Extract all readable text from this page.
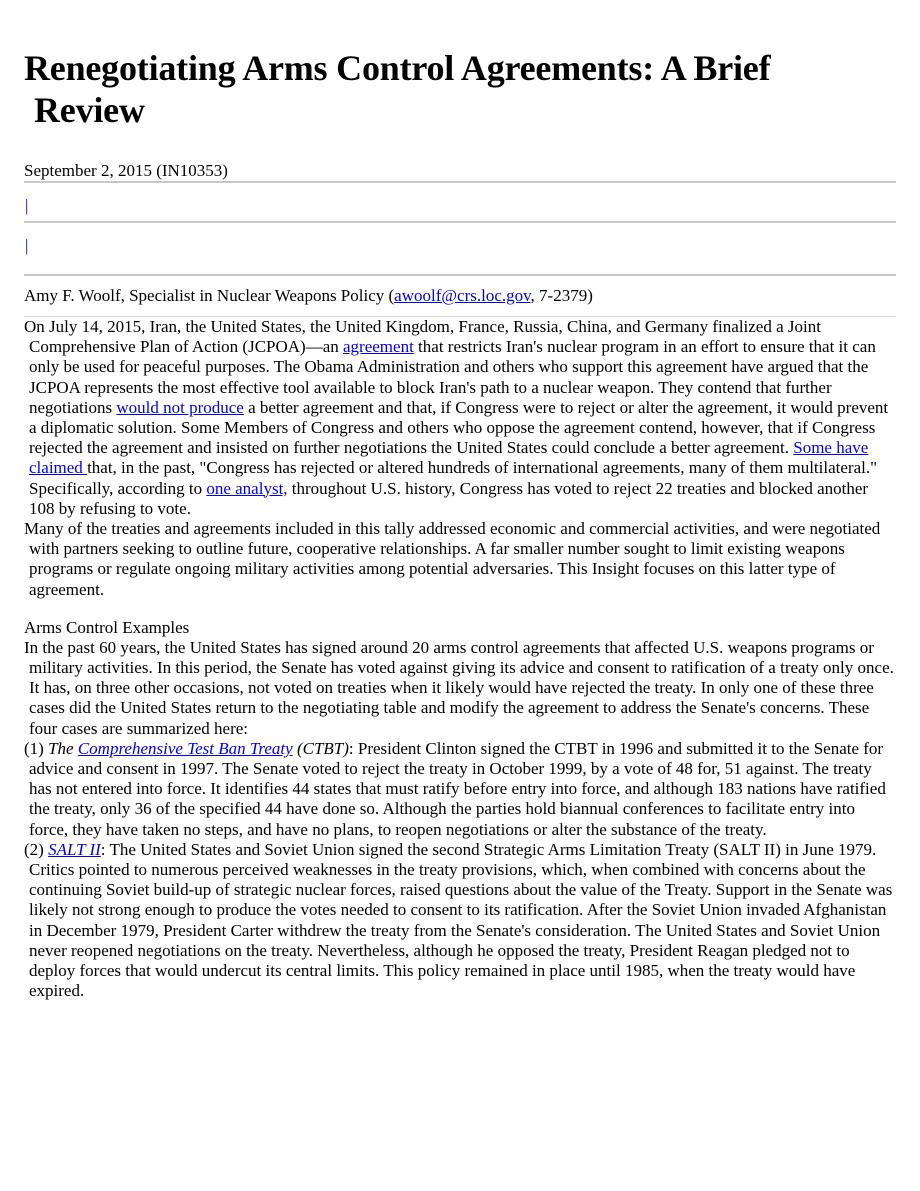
Renegotiating Arms Control Agreements: A Brief
Review
September 2, 2015 (IN10353)
|
|
Amy F. Woolf, Specialist in Nuclear Weapons Policy (awoolf@crs.loc.gov, 7-2379)

On July 14, 2015, Iran, the United States, the United Kingdom, France, Russia, China, and Germany finalized a Joint Comprehensive Plan of Action (JCPOA)—an agreement that restricts Iran's nuclear program in an effort to ensure that it can only be used for peaceful purposes. The Obama Administration and others who support this agreement have argued that the JCPOA represents the most effective tool available to block Iran's path to a nuclear weapon. They contend that further negotiations would not produce a better agreement and that, if Congress were to reject or alter the agreement, it would prevent a diplomatic solution. Some Members of Congress and others who oppose the agreement contend, however, that if Congress rejected the agreement and insisted on further negotiations the United States could conclude a better agreement. Some have claimed that, in the past, "Congress has rejected or altered hundreds of international agreements, many of them multilateral." Specifically, according to one analyst, throughout U.S. history, Congress has voted to reject 22 treaties and blocked another 108 by refusing to vote.

Many of the treaties and agreements included in this tally addressed economic and commercial activities, and were negotiated with partners seeking to outline future, cooperative relationships. A far smaller number sought to limit existing weapons programs or regulate ongoing military activities among potential adversaries. This Insight focuses on this latter type of agreement.

Arms Control Examples

In the past 60 years, the United States has signed around 20 arms control agreements that affected U.S. weapons programs or military activities. In this period, the Senate has voted against giving its advice and consent to ratification of a treaty only once. It has, on three other occasions, not voted on treaties when it likely would have rejected the treaty. In only one of these three cases did the United States return to the negotiating table and modify the agreement to address the Senate's concerns. These four cases are summarized here:

(1) The Comprehensive Test Ban Treaty (CTBT): President Clinton signed the CTBT in 1996 and submitted it to the Senate for advice and consent in 1997. The Senate voted to reject the treaty in October 1999, by a vote of 48 for, 51 against. The treaty has not entered into force. It identifies 44 states that must ratify before entry into force, and although 183 nations have ratified the treaty, only 36 of the specified 44 have done so. Although the parties hold biannual conferences to facilitate entry into force, they have taken no steps, and have no plans, to reopen negotiations or alter the substance of the treaty.

(2) SALT II: The United States and Soviet Union signed the second Strategic Arms Limitation Treaty (SALT II) in June 1979. Critics pointed to numerous perceived weaknesses in the treaty provisions, which, when combined with concerns about the continuing Soviet build-up of strategic nuclear forces, raised questions about the value of the Treaty. Support in the Senate was likely not strong enough to produce the votes needed to consent to its ratification. After the Soviet Union invaded Afghanistan in December 1979, President Carter withdrew the treaty from the Senate's consideration. The United States and Soviet Union never reopened negotiations on the treaty. Nevertheless, although he opposed the treaty, President Reagan pledged not to deploy forces that would undercut its central limits. This policy remained in place until 1985, when the treaty would have expired.
